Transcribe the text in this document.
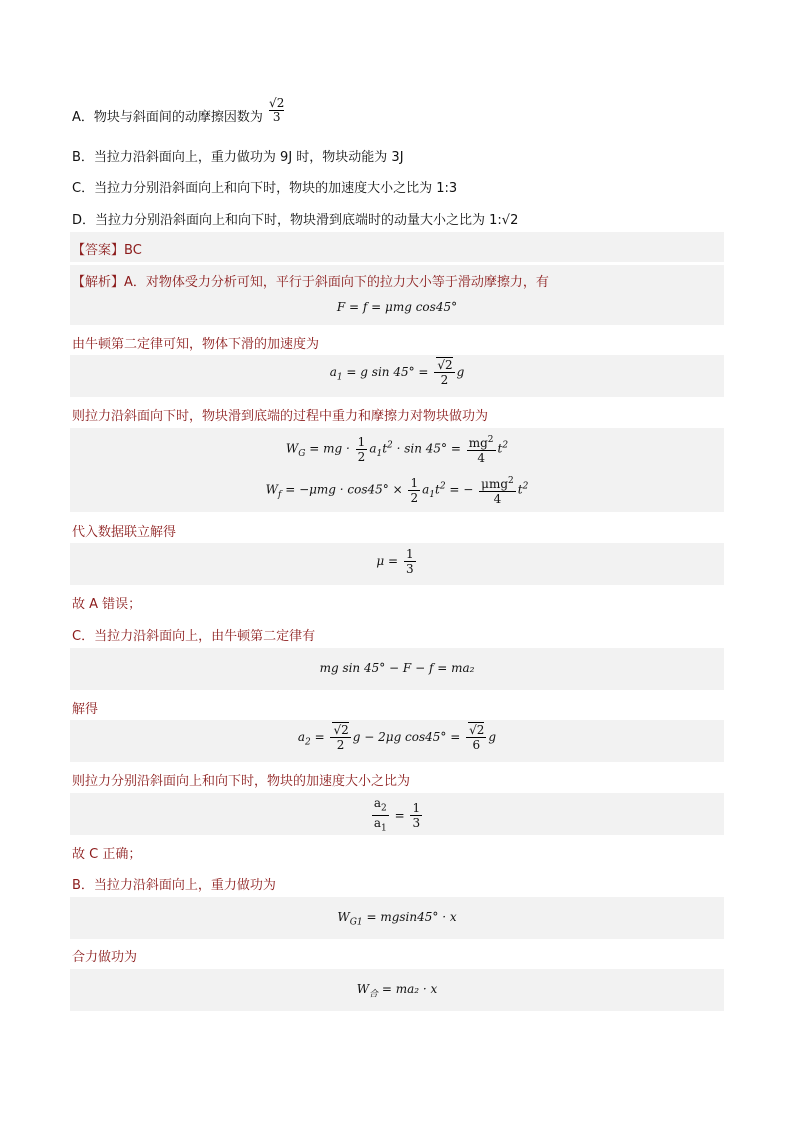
A．物块与斜面间的动摩擦因数为 $\frac{√2}{3}$
B．当拉力沿斜面向上，重力做功为 9J 时，物块动能为 3J
C．当拉力分别沿斜面向上和向下时，物块的加速度大小之比为 1:3
D．当拉力分别沿斜面向上和向下时，物块滑到底端时的动量大小之比为 1:√2
【答案】BC
【解析】A．对物体受力分析可知，平行于斜面向下的拉力大小等于滑动摩擦力，有
F = f = μmg cos45°
由牛顿第二定律可知，物体下滑的加速度为
$a_1 = g$ $\sin 45^\circ = \frac{√2}{2}$ g
则拉力沿斜面向下时，物块滑到底端的过程中重力和摩擦力对物块做功为
$W_G$ = mg · $\frac{1}{2} a_1t^2 \cdot \sin 45^\circ = \frac{mg^2}{4} t^2$
$W_f = -\mu mg \cdot \cos 45^\circ \times \frac{1}{2} a_1t^2$ = − $\frac{\mu mg^2}{4} t^2$
代入数据联立解得
$\mu = \frac{1}{3}$
故 A 错误；
C．当拉力沿斜面向上，由牛顿第二定律有
mg sin 45° − F − f = ma₂
解得
$a_2 = \frac{√2}{2}$ g − 2μg $\cos 45^\circ = \frac{√2}{6}$ g
则拉力分别沿斜面向上和向下时，物块的加速度大小之比为
$\frac{a_2}{a_1} = \frac{1}{3}$
故 C 正确；
B．当拉力沿斜面向上，重力做功为
$W_{G1} = mgsin45^\circ \cdot x$
合力做功为
$W_合 = ma_2 \cdot x$
